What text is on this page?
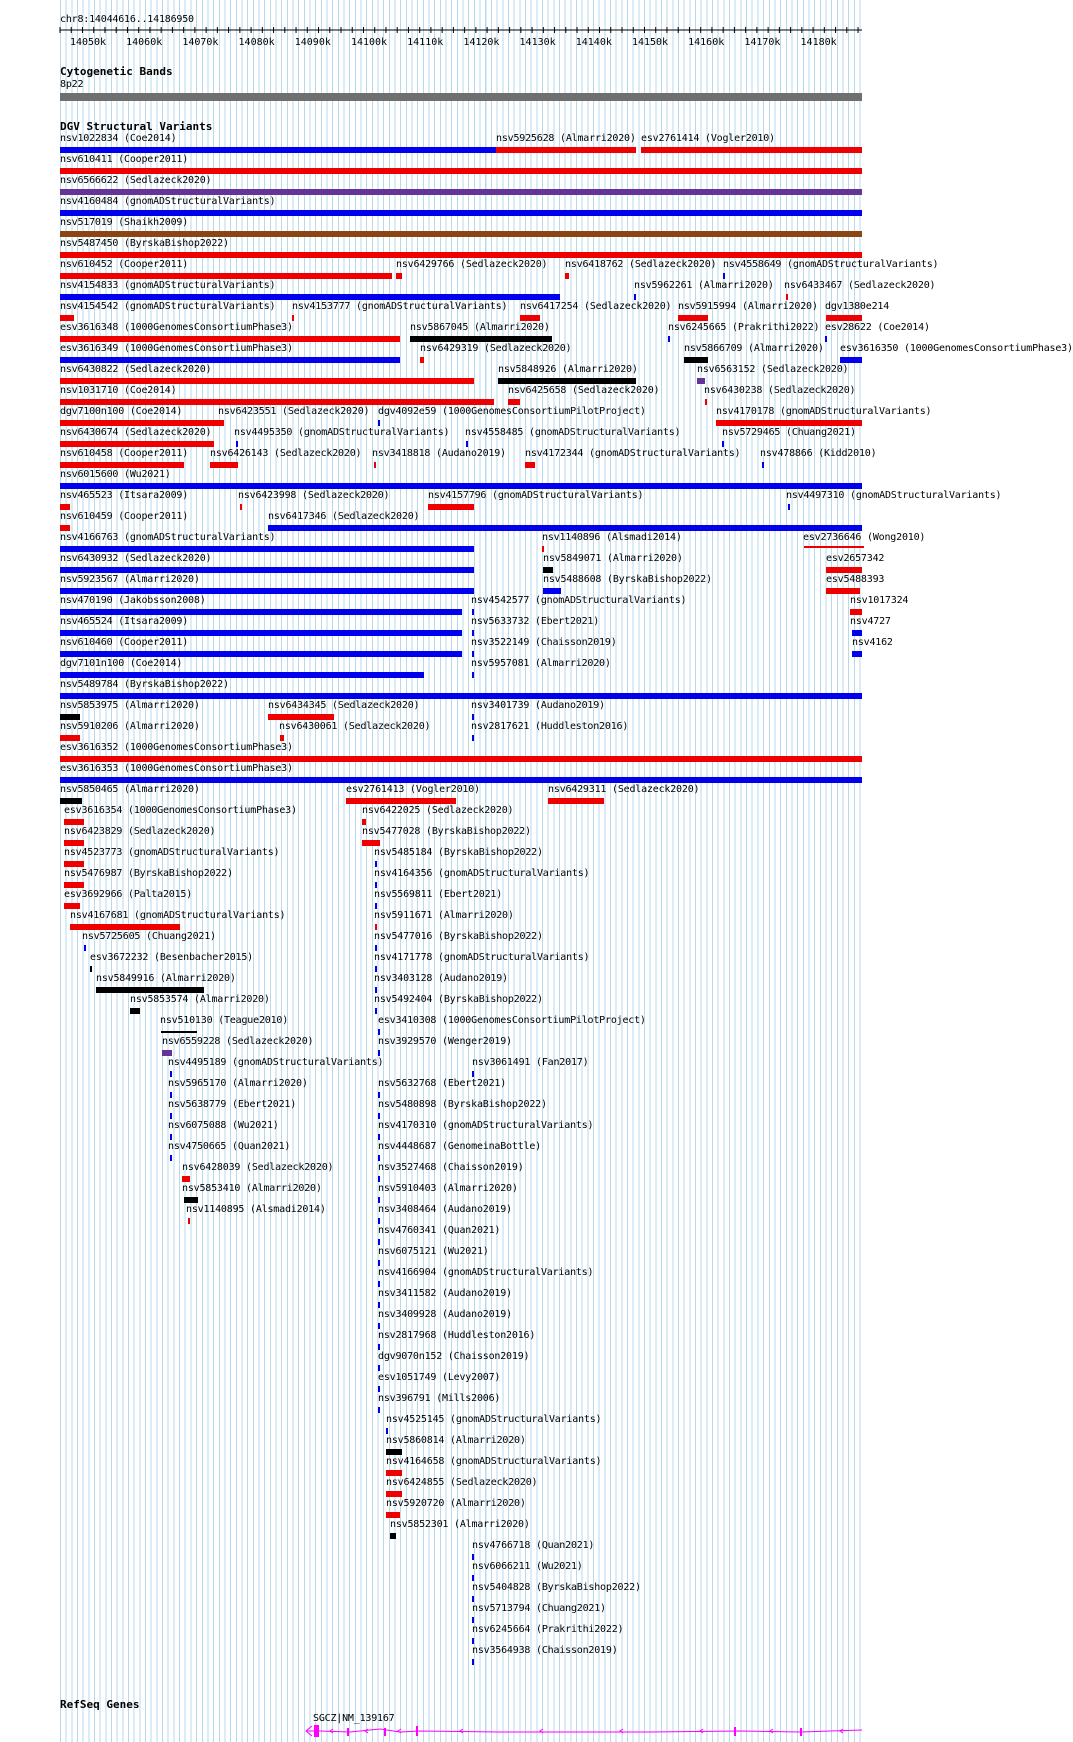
chr8:14044616..14186950
14050k 14060k 14070k 14080k 14090k 14100k 14110k 14120k 14130k 14140k 14150k 14160k 14170k 14180k
Cytogenetic Bands
8p22
DGV Structural Variants
nsv1022834 (Coe2014)	nsv5925628 (Almarri2020) esv2761414 (Vogler2010)
nsv610411 (Cooper2011)
nsv6566622 (Sedlazeck2020)
nsv4160484 (gnomADStructuralVariants)
nsv517019 (Shaikh2009)
nsv5487450 (ByrskaBishop2022)
nsv610452 (Cooper2011)	nsv6429766 (Sedlazeck2020) nsv6418762 (Sedlazeck2020) nsv4558649 (gnomADStructuralVariants)
nsv4154833 (gnomADStructuralVariants)	nsv5962261 (Almarri2020) nsv6433467 (Sedlazeck2020)
nsv4154542 (gnomADStructuralVariants) nsv4153777 (gnomADStructuralVariants) nsv6417254 (Sedlazeck2020) nsv5915994 (Almarri2020) dgv1380e214
esv3616348 (1000GenomesConsortiumPhase3)	nsv5867045 (Almarri2020)	nsv6245665 (Prakrithi2022) esv28622 (Coe2014)
esv3616349 (1000GenomesConsortiumPhase3)	nsv6429319 (Sedlazeck2020)	nsv5866709 (Almarri2020) esv3616350 (1000GenomesConsortiumPhase3)
nsv6430822 (Sedlazeck2020)	nsv5848926 (Almarri2020)	nsv6563152 (Sedlazeck2020)
nsv1031710 (Coe2014)	nsv6425658 (Sedlazeck2020)	nsv6430238 (Sedlazeck2020)
dgv7100n100 (Coe2014)	nsv6423551 (Sedlazeck2020) dgv4092e59 (1000GenomesConsortiumPilotProject)	nsv4170178 (gnomADStructuralVariants)
nsv6430674 (Sedlazeck2020) nsv4495350 (gnomADStructuralVariants) nsv4558485 (gnomADStructuralVariants)	nsv5729465 (Chuang2021)
nsv610458 (Cooper2011) nsv6426143 (Sedlazeck2020) nsv3418818 (Audano2019) nsv4172344 (gnomADStructuralVariants) nsv478866 (Kidd2010)
nsv6015600 (Wu2021)
nsv465523 (Itsara2009)	nsv6423998 (Sedlazeck2020)	nsv4157796 (gnomADStructuralVariants)	nsv4497310 (gnomADStructuralVariants)
nsv610459 (Cooper2011)	nsv6417346 (Sedlazeck2020)
nsv4166763 (gnomADStructuralVariants)	nsv1140896 (Alsmadi2014)	esv2736646 (Wong2010)
nsv6430932 (Sedlazeck2020)	nsv5849071 (Almarri2020)	esv2657342
nsv5923567 (Almarri2020)	nsv5488608 (ByrskaBishop2022)	esv5488393
nsv470190 (Jakobsson2008)	nsv4542577 (gnomADStructuralVariants)	nsv1017324
nsv465524 (Itsara2009)	nsv5633732 (Ebert2021)	nsv4727
nsv610460 (Cooper2011)	nsv3522149 (Chaisson2019)	nsv4162
dgv7101n100 (Coe2014)	nsv5957081 (Almarri2020)
nsv5489784 (ByrskaBishop2022)
nsv5853975 (Almarri2020)	nsv6434345 (Sedlazeck2020)	nsv3401739 (Audano2019)
nsv5910206 (Almarri2020)	nsv6430061 (Sedlazeck2020)	nsv2817621 (Huddleston2016)
esv3616352 (1000GenomesConsortiumPhase3)
esv3616353 (1000GenomesConsortiumPhase3)
nsv5850465 (Almarri2020)	esv2761413 (Vogler2010)	nsv6429311 (Sedlazeck2020)
esv3616354 (1000GenomesConsortiumPhase3)	nsv6422025 (Sedlazeck2020)
nsv6423829 (Sedlazeck2020)	nsv5477028 (ByrskaBishop2022)
nsv4523773 (gnomADStructuralVariants)	nsv5485184 (ByrskaBishop2022)
nsv5476987 (ByrskaBishop2022)	nsv4164356 (gnomADStructuralVariants)
esv3692966 (Palta2015)	nsv5569811 (Ebert2021)
nsv4167681 (gnomADStructuralVariants)	nsv5911671 (Almarri2020)
nsv5725605 (Chuang2021)	nsv5477016 (ByrskaBishop2022)
esv3672232 (Besenbacher2015)	nsv4171778 (gnomADStructuralVariants)
nsv5849916 (Almarri2020)	nsv3403128 (Audano2019)
nsv5853574 (Almarri2020)	nsv5492404 (ByrskaBishop2022)
nsv510130 (Teague2010)	esv3410308 (1000GenomesConsortiumPilotProject)
nsv6559228 (Sedlazeck2020)	nsv3929570 (Wenger2019)
nsv4495189 (gnomADStructuralVariants)	nsv3061491 (Fan2017)
nsv5965170 (Almarri2020)	nsv5632768 (Ebert2021)
nsv5638779 (Ebert2021)	nsv5480898 (ByrskaBishop2022)
nsv6075088 (Wu2021)	nsv4170310 (gnomADStructuralVariants)
nsv4750665 (Quan2021)	nsv4448687 (GenomeinaBottle)
nsv6428039 (Sedlazeck2020)	nsv3527468 (Chaisson2019)
nsv5853410 (Almarri2020)	nsv5910403 (Almarri2020)
nsv1140895 (Alsmadi2014)	nsv3408464 (Audano2019)
nsv4760341 (Quan2021)
nsv6075121 (Wu2021)
nsv4166904 (gnomADStructuralVariants)
nsv3411582 (Audano2019)
nsv3409928 (Audano2019)
nsv2817968 (Huddleston2016)
dgv9070n152 (Chaisson2019)
esv1051749 (Levy2007)
nsv396791 (Mills2006)
nsv4525145 (gnomADStructuralVariants)
nsv5860814 (Almarri2020)
nsv4164658 (gnomADStructuralVariants)
nsv6424855 (Sedlazeck2020)
nsv5920720 (Almarri2020)
nsv5852301 (Almarri2020)
nsv4766718 (Quan2021)
nsv6066211 (Wu2021)
nsv5404828 (ByrskaBishop2022)
nsv5713794 (Chuang2021)
nsv6245664 (Prakrithi2022)
nsv3564938 (Chaisson2019)
RefSeq Genes
SGCZ|NM_139167
